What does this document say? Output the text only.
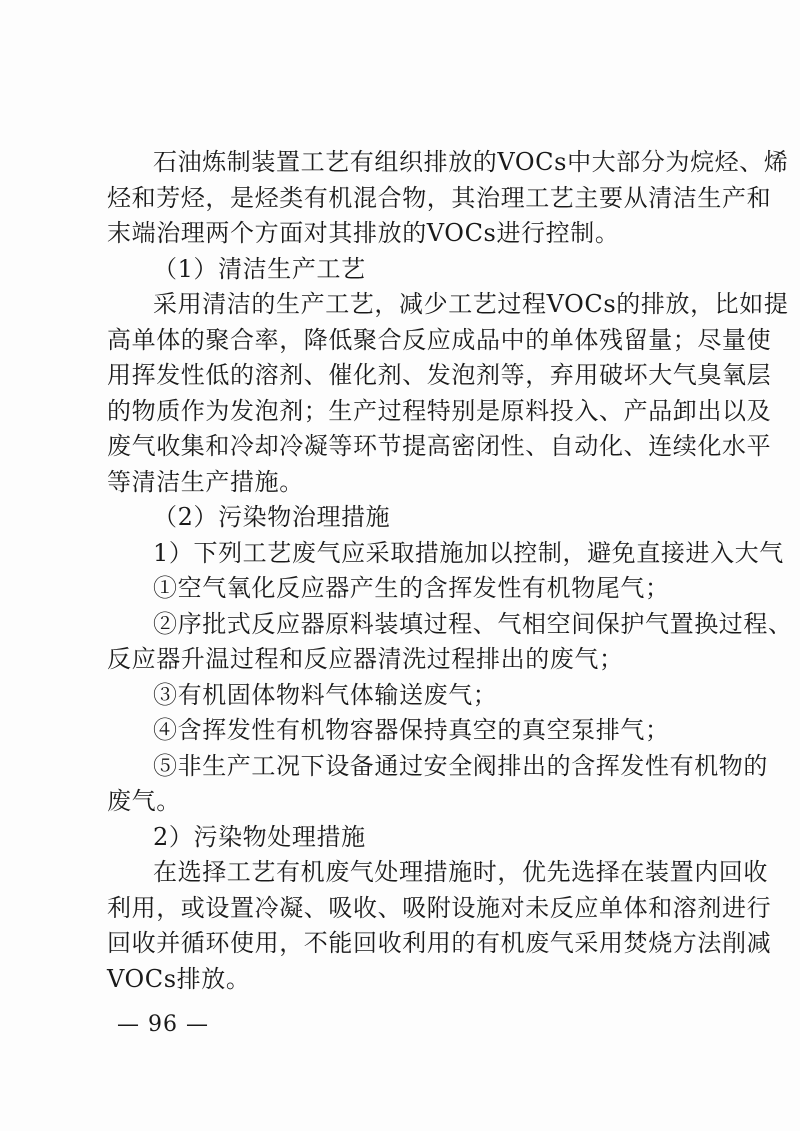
石油炼制装置工艺有组织排放的VOCs中大部分为烷烃、烯
烃和芳烃，是烃类有机混合物，其治理工艺主要从清洁生产和
末端治理两个方面对其排放的VOCs进行控制。
（1）清洁生产工艺
采用清洁的生产工艺，减少工艺过程VOCs的排放，比如提
高单体的聚合率，降低聚合反应成品中的单体残留量；尽量使
用挥发性低的溶剂、催化剂、发泡剂等，弃用破坏大气臭氧层
的物质作为发泡剂；生产过程特别是原料投入、产品卸出以及
废气收集和冷却冷凝等环节提高密闭性、自动化、连续化水平
等清洁生产措施。
（2）污染物治理措施
1）下列工艺废气应采取措施加以控制，避免直接进入大气
①空气氧化反应器产生的含挥发性有机物尾气；
②序批式反应器原料装填过程、气相空间保护气置换过程、
反应器升温过程和反应器清洗过程排出的废气；
③有机固体物料气体输送废气；
④含挥发性有机物容器保持真空的真空泵排气；
⑤非生产工况下设备通过安全阀排出的含挥发性有机物的
废气。
2）污染物处理措施
在选择工艺有机废气处理措施时，优先选择在装置内回收
利用，或设置冷凝、吸收、吸附设施对未反应单体和溶剂进行
回收并循环使用，不能回收利用的有机废气采用焚烧方法削减
VOCs排放。
— 96 —
